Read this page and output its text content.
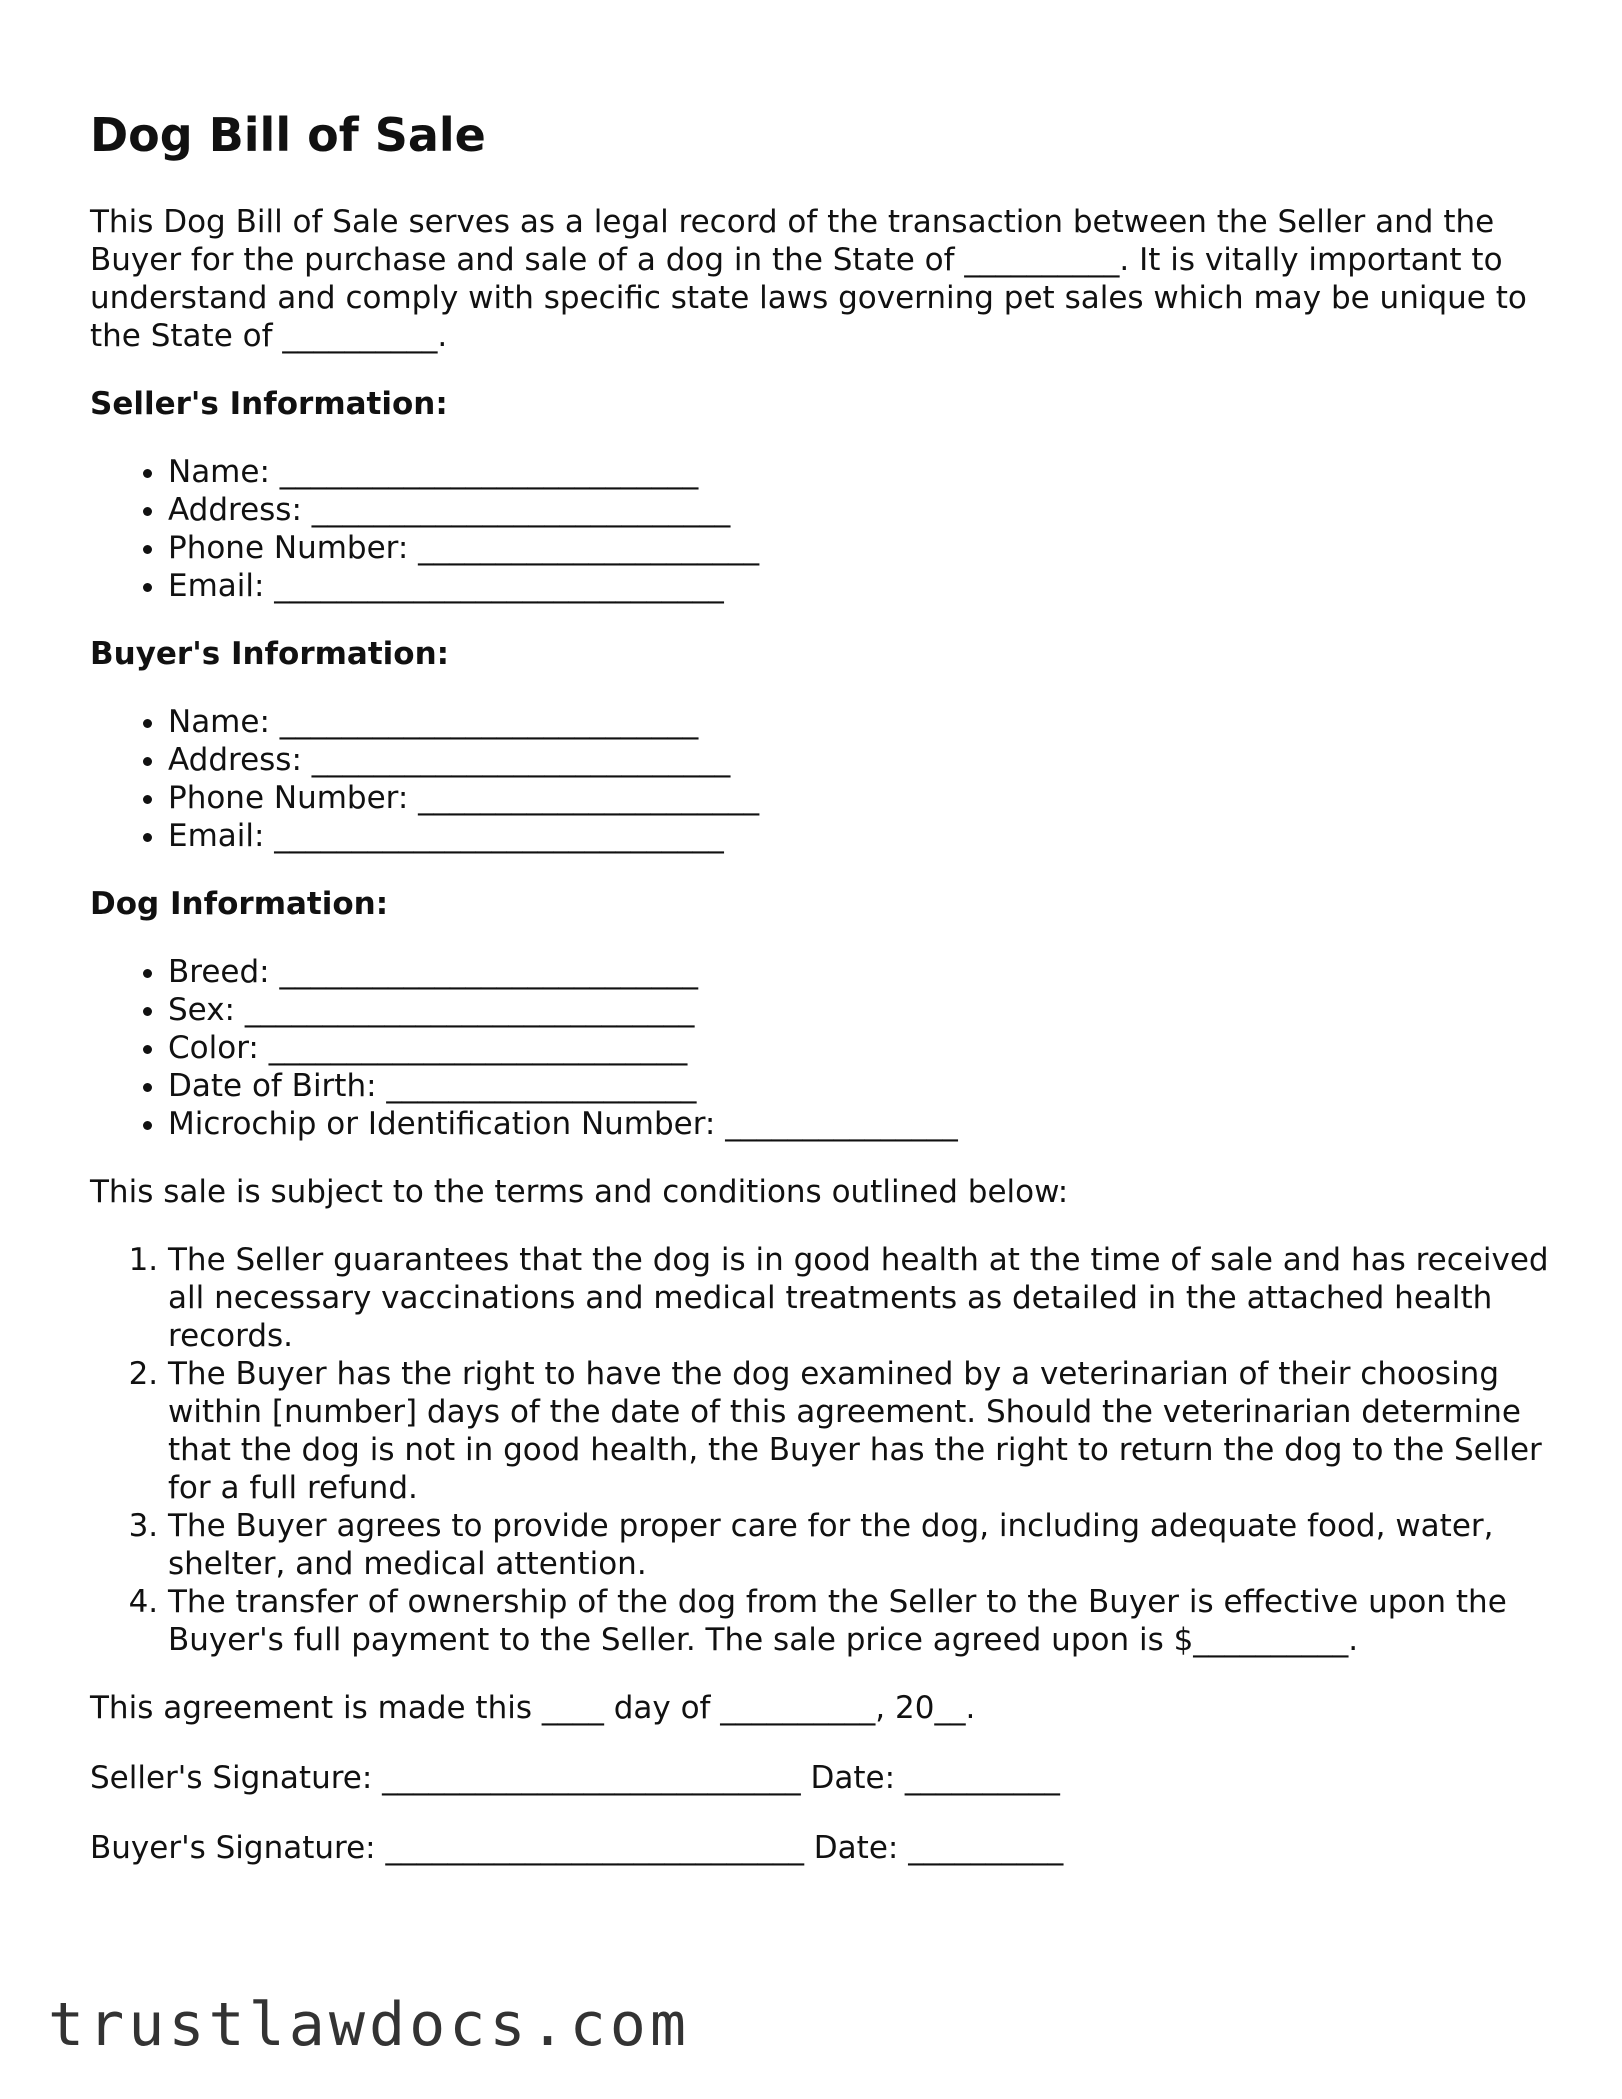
Dog Bill of Sale

This Dog Bill of Sale serves as a legal record of the transaction between the Seller and the Buyer for the purchase and sale of a dog in the State of __________. It is vitally important to understand and comply with specific state laws governing pet sales which may be unique to the State of __________.

Seller's Information:
• Name: ___________________________
• Address: ___________________________
• Phone Number: ______________________
• Email: _____________________________
Buyer's Information:
• Name: ___________________________
• Address: ___________________________
• Phone Number: ______________________
• Email: _____________________________
Dog Information:
• Breed: ___________________________
• Sex: _____________________________
• Color: ___________________________
• Date of Birth: ____________________
• Microchip or Identification Number: _______________

This sale is subject to the terms and conditions outlined below:

1. The Seller guarantees that the dog is in good health at the time of sale and has received all necessary vaccinations and medical treatments as detailed in the attached health records.
2. The Buyer has the right to have the dog examined by a veterinarian of their choosing within [number] days of the date of this agreement. Should the veterinarian determine that the dog is not in good health, the Buyer has the right to return the dog to the Seller for a full refund.
3. The Buyer agrees to provide proper care for the dog, including adequate food, water, shelter, and medical attention.
4. The transfer of ownership of the dog from the Seller to the Buyer is effective upon the Buyer's full payment to the Seller. The sale price agreed upon is $__________.

This agreement is made this ____ day of __________, 20__.

Seller's Signature: ___________________________ Date: __________

Buyer's Signature: ___________________________ Date: __________

trustlawdocs.com
